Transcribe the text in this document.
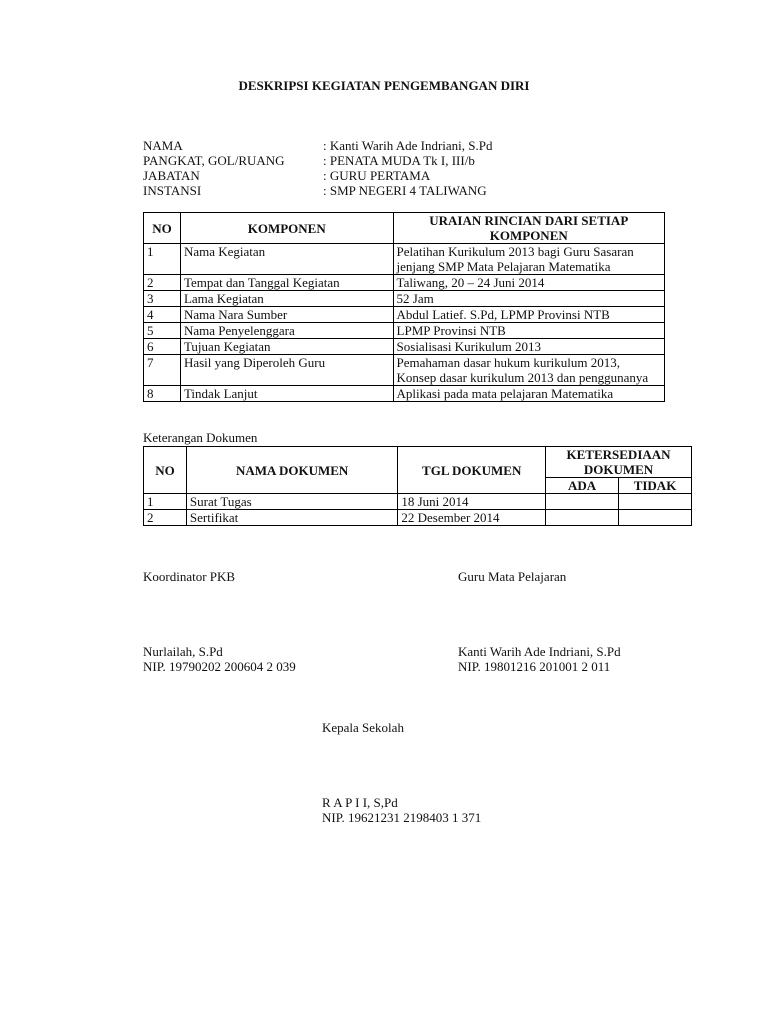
DESKRIPSI KEGIATAN PENGEMBANGAN DIRI
NAMA	: Kanti Warih Ade Indriani, S.Pd
PANGKAT, GOL/RUANG	: PENATA MUDA Tk I, III/b
JABATAN	: GURU PERTAMA
INSTANSI	: SMP NEGERI 4 TALIWANG
NO	KOMPONEN	URAIAN RINCIAN DARI SETIAP KOMPONEN
1	Nama Kegiatan	Pelatihan Kurikulum 2013 bagi Guru Sasaran jenjang SMP Mata Pelajaran Matematika
2	Tempat dan Tanggal Kegiatan	Taliwang, 20 – 24 Juni 2014
3	Lama Kegiatan	52 Jam
4	Nama Nara Sumber	Abdul Latief. S.Pd, LPMP Provinsi NTB
5	Nama Penyelenggara	LPMP Provinsi NTB
6	Tujuan Kegiatan	Sosialisasi Kurikulum 2013
7	Hasil yang Diperoleh Guru	Pemahaman dasar hukum kurikulum 2013, Konsep dasar kurikulum 2013 dan penggunanya
8	Tindak Lanjut	Aplikasi pada mata pelajaran Matematika
Keterangan Dokumen
NO	NAMA DOKUMEN	TGL DOKUMEN	KETERSEDIAAN DOKUMEN	
			ADA	TIDAK
1	Surat Tugas	18 Juni 2014		
2	Sertifikat	22 Desember 2014		
Koordinator PKB	Guru Mata Pelajaran
Nurlailah, S.Pd
NIP. 19790202 200604 2 039
Kanti Warih Ade Indriani, S.Pd
NIP. 19801216 201001 2 011
Kepala Sekolah
R A P I I, S,Pd
NIP. 19621231 2198403 1 371
